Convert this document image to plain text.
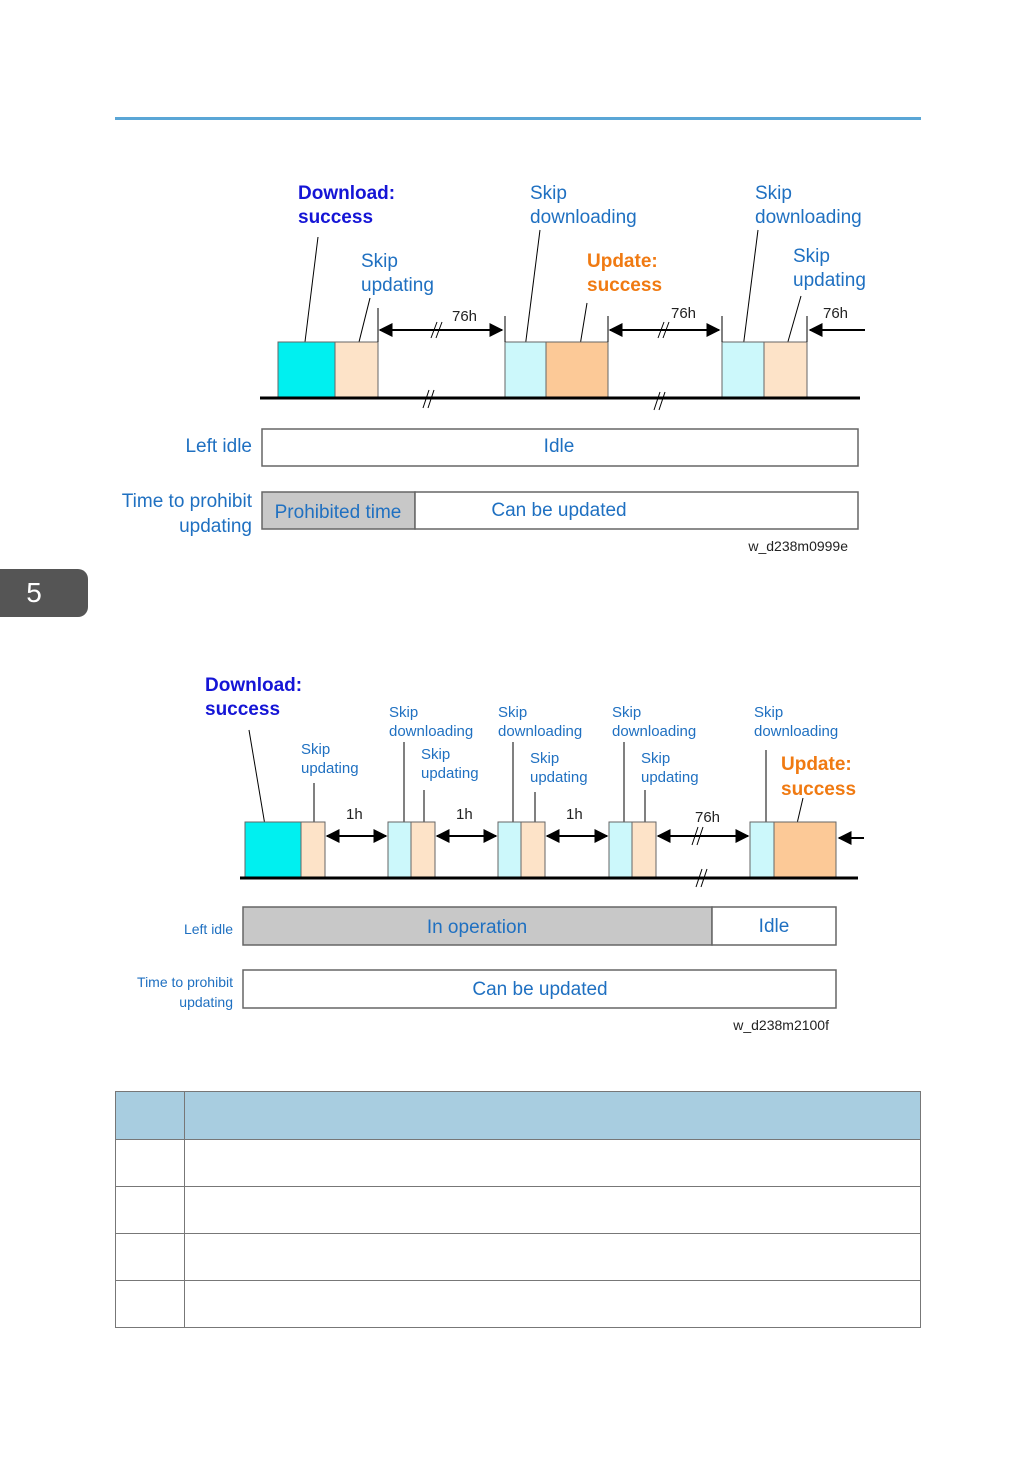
5
Download: success
Skip updating
Skip downloading
Update: success
Skip downloading
Skip updating
76h	76h	76h
Left idle	Idle
Time to prohibit updating
Prohibited time	Can be updated
w_d238m0999e
Download: success
Skip updating
Skip downloading
Skip updating
Skip downloading
Skip updating
Skip downloading
Skip updating
Skip downloading
Update: success
1h	1h	1h	76h
Left idle	In operation	Idle
Time to prohibit updating
Can be updated
w_d238m2100f
